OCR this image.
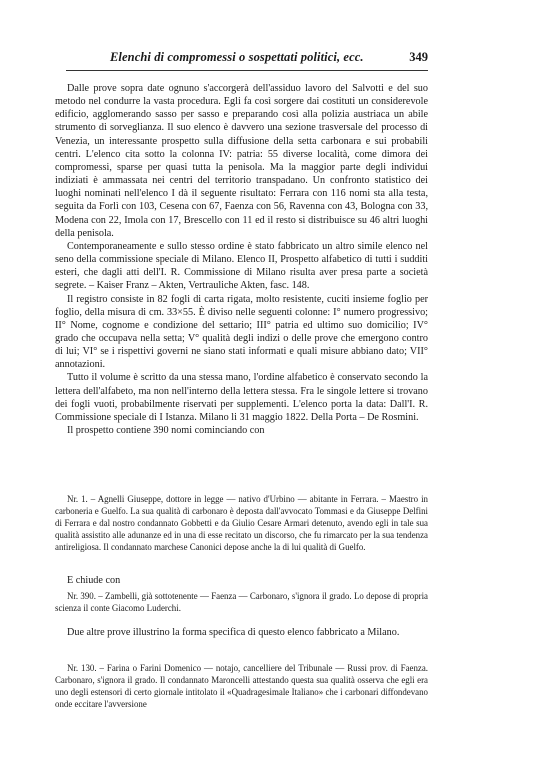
Elenchi di compromessi o sospettati politici, ecc.	349

Dalle prove sopra date ognuno s'accorgerà dell'assiduo lavoro del Salvotti e del suo metodo nel condurre la vasta procedura. Egli fa così sorgere dai costituti un considerevole edificio, agglomerando sasso per sasso e preparando così alla polizia austriaca un abile strumento di sorveglianza. Il suo elenco è davvero una sezione trasversale del processo di Venezia, un interessante prospetto sulla diffusione della setta carbonara e sui probabili centri. L'elenco cita sotto la colonna IV: patria: 55 diverse località, come dimora dei compromessi, sparse per quasi tutta la penisola. Ma la maggior parte degli individui indiziati è ammassata nei centri del territorio transpadano. Un confronto statistico dei luoghi nominati nell'elenco I dà il seguente risultato: Ferrara con 116 nomi sta alla testa, seguita da Forlì con 103, Cesena con 67, Faenza con 56, Ravenna con 43, Bologna con 33, Modena con 22, Imola con 17, Brescello con 11 ed il resto si distribuisce su 46 altri luoghi della penisola.

Contemporaneamente e sullo stesso ordine è stato fabbricato un altro simile elenco nel seno della commissione speciale di Milano. Elenco II, Prospetto alfabetico di tutti i sudditi esteri, che dagli atti dell'I. R. Commissione di Milano risulta aver presa parte a società segrete. – Kaiser Franz – Akten, Vertrauliche Akten, fasc. 148.

Il registro consiste in 82 fogli di carta rigata, molto resistente, cuciti insieme foglio per foglio, della misura di cm. 33×55. È diviso nelle seguenti colonne: I° numero progressivo; II° Nome, cognome e condizione del settario; III° patria ed ultimo suo domicilio; IV° grado che occupava nella setta; V° qualità degli indizi o delle prove che emergono contro di lui; VI° se i rispettivi governi ne siano stati informati e quali misure abbiano dato; VII° annotazioni.

Tutto il volume è scritto da una stessa mano, l'ordine alfabetico è conservato secondo la lettera dell'alfabeto, ma non nell'interno della lettera stessa. Fra le singole lettere si trovano dei fogli vuoti, probabilmente riservati per supplementi. L'elenco porta la data: Dall'I. R. Commissione speciale di I Istanza. Milano li 31 maggio 1822. Della Porta – De Rosmini.

Il prospetto contiene 390 nomi cominciando con

Nr. 1. – Agnelli Giuseppe, dottore in legge — nativo d'Urbino — abitante in Ferrara. – Maestro in carboneria e Guelfo. La sua qualità di carbonaro è deposta dall'avvocato Tommasi e da Giuseppe Delfini di Ferrara e dal nostro condannato Gobbetti e da Giulio Cesare Armari detenuto, avendo egli in tale sua qualità assistito alle adunanze ed in una di esse recitato un discorso, che fu rimarcato per la sua tendenza antireligiosa. Il condannato marchese Canonici depose anche la di lui qualità di Guelfo.

E chiude con

Nr. 390. – Zambelli, già sottotenente — Faenza — Carbonaro, s'ignora il grado. Lo depose di propria scienza il conte Giacomo Luderchi.

Due altre prove illustrino la forma specifica di questo elenco fabbricato a Milano.

Nr. 130. – Farina o Farini Domenico — notajo, cancelliere del Tribunale — Russi prov. di Faenza. Carbonaro, s'ignora il grado. Il condannato Maroncelli attestando questa sua qualità osserva che egli era uno degli estensori di certo giornale intitolato il «Quadragesimale Italiano» che i carbonari diffondevano onde eccitare l'avversione
